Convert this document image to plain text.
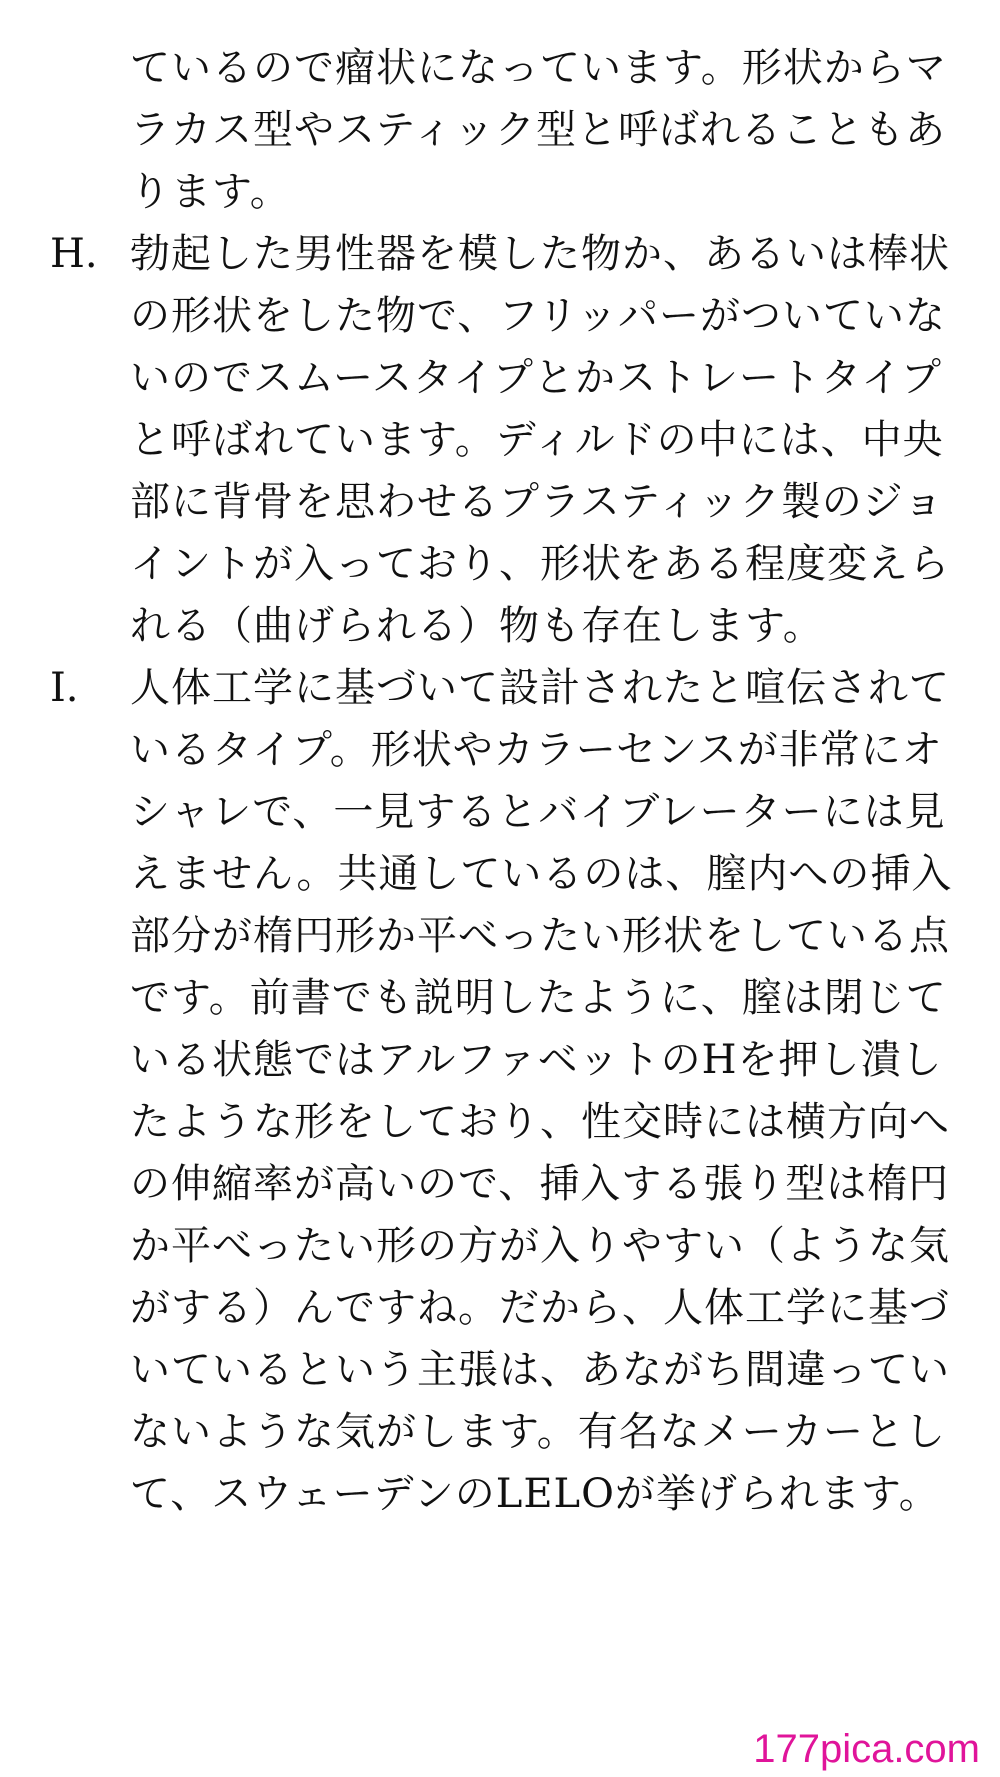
ているので瘤状になっています。形状からマ
ラカス型やスティック型と呼ばれることもあ
ります。
H. 勃起した男性器を模した物か、あるいは棒状
の形状をした物で、フリッパーがついていな
いのでスムースタイプとかストレートタイプ
と呼ばれています。ディルドの中には、中央
部に背骨を思わせるプラスティック製のジョ
イントが入っており、形状をある程度変えら
れる（曲げられる）物も存在します。
I. 人体工学に基づいて設計されたと喧伝されて
いるタイプ。形状やカラーセンスが非常にオ
シャレで、一見するとバイブレーターには見
えません。共通しているのは、膣内への挿入
部分が楕円形か平べったい形状をしている点
です。前書でも説明したように、膣は閉じて
いる状態ではアルファベットのHを押し潰し
たような形をしており、性交時には横方向へ
の伸縮率が高いので、挿入する張り型は楕円
か平べったい形の方が入りやすい（ような気
がする）んですね。だから、人体工学に基づ
いているという主張は、あながち間違ってい
ないような気がします。有名なメーカーとし
て、スウェーデンのLELOが挙げられます。
177pica.com
